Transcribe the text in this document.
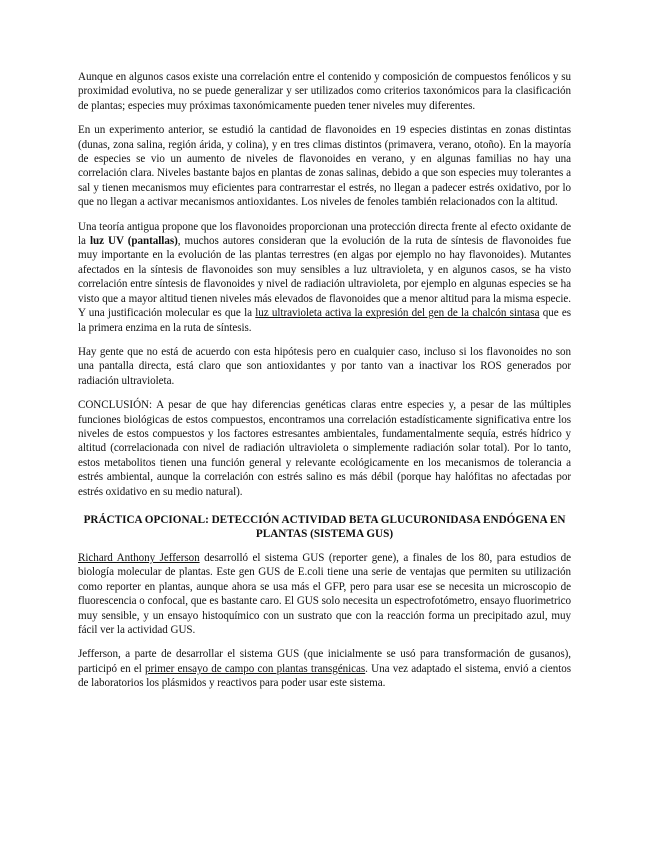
Aunque en algunos casos existe una correlación entre el contenido y composición de compuestos fenólicos y su proximidad evolutiva, no se puede generalizar y ser utilizados como criterios taxonómicos para la clasificación de plantas; especies muy próximas taxonómicamente pueden tener niveles muy diferentes.

En un experimento anterior, se estudió la cantidad de flavonoides en 19 especies distintas en zonas distintas (dunas, zona salina, región árida, y colina), y en tres climas distintos (primavera, verano, otoño). En la mayoría de especies se vio un aumento de niveles de flavonoides en verano, y en algunas familias no hay una correlación clara. Niveles bastante bajos en plantas de zonas salinas, debido a que son especies muy tolerantes a sal y tienen mecanismos muy eficientes para contrarrestar el estrés, no llegan a padecer estrés oxidativo, por lo que no llegan a activar mecanismos antioxidantes. Los niveles de fenoles también relacionados con la altitud.

Una teoría antigua propone que los flavonoides proporcionan una protección directa frente al efecto oxidante de la luz UV (pantallas), muchos autores consideran que la evolución de la ruta de síntesis de flavonoides fue muy importante en la evolución de las plantas terrestres (en algas por ejemplo no hay flavonoides). Mutantes afectados en la síntesis de flavonoides son muy sensibles a luz ultravioleta, y en algunos casos, se ha visto correlación entre síntesis de flavonoides y nivel de radiación ultravioleta, por ejemplo en algunas especies se ha visto que a mayor altitud tienen niveles más elevados de flavonoides que a menor altitud para la misma especie. Y una justificación molecular es que la luz ultravioleta activa la expresión del gen de la chalcón sintasa que es la primera enzima en la ruta de síntesis.

Hay gente que no está de acuerdo con esta hipótesis pero en cualquier caso, incluso si los flavonoides no son una pantalla directa, está claro que son antioxidantes y por tanto van a inactivar los ROS generados por radiación ultravioleta.

CONCLUSIÓN: A pesar de que hay diferencias genéticas claras entre especies y, a pesar de las múltiples funciones biológicas de estos compuestos, encontramos una correlación estadísticamente significativa entre los niveles de estos compuestos y los factores estresantes ambientales, fundamentalmente sequía, estrés hídrico y altitud (correlacionada con nivel de radiación ultravioleta o simplemente radiación solar total). Por lo tanto, estos metabolitos tienen una función general y relevante ecológicamente en los mecanismos de tolerancia a estrés ambiental, aunque la correlación con estrés salino es más débil (porque hay halófitas no afectadas por estrés oxidativo en su medio natural).

PRÁCTICA OPCIONAL: DETECCIÓN ACTIVIDAD BETA GLUCURONIDASA ENDÓGENA EN PLANTAS (SISTEMA GUS)

Richard Anthony Jefferson desarrolló el sistema GUS (reporter gene), a finales de los 80, para estudios de biología molecular de plantas. Este gen GUS de E.coli tiene una serie de ventajas que permiten su utilización como reporter en plantas, aunque ahora se usa más el GFP, pero para usar ese se necesita un microscopio de fluorescencia o confocal, que es bastante caro. El GUS solo necesita un espectrofotómetro, ensayo fluorimetrico muy sensible, y un ensayo histoquímico con un sustrato que con la reacción forma un precipitado azul, muy fácil ver la actividad GUS.

Jefferson, a parte de desarrollar el sistema GUS (que inicialmente se usó para transformación de gusanos), participó en el primer ensayo de campo con plantas transgénicas. Una vez adaptado el sistema, envió a cientos de laboratorios los plásmidos y reactivos para poder usar este sistema.
